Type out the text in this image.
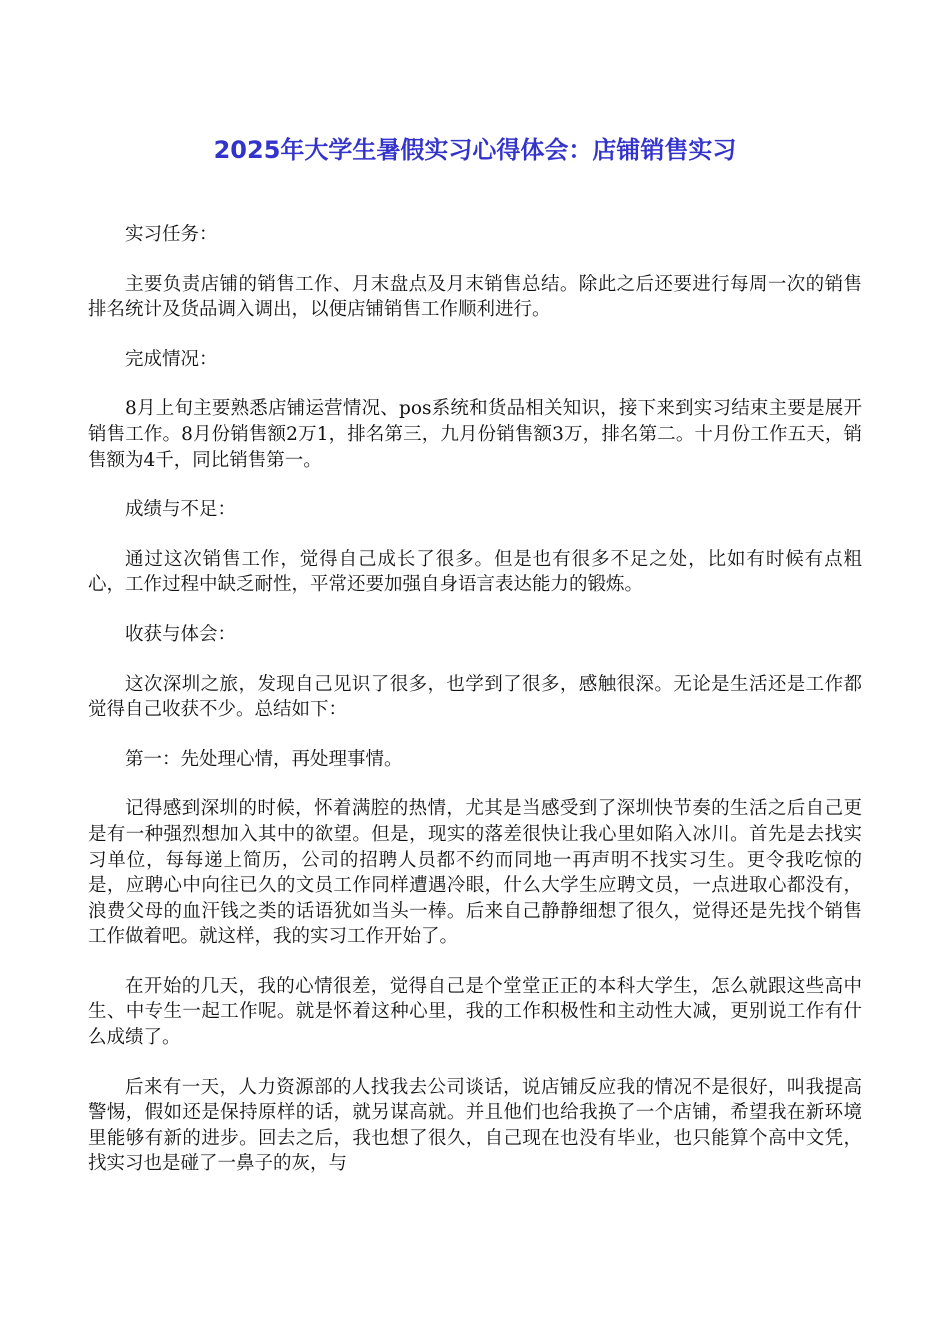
2025年大学生暑假实习心得体会：店铺销售实习

实习任务：

主要负责店铺的销售工作、月末盘点及月末销售总结。除此之后还要进行每周一次的销售排名统计及货品调入调出，以便店铺销售工作顺利进行。

完成情况：

8月上旬主要熟悉店铺运营情况、pos系统和货品相关知识，接下来到实习结束主要是展开销售工作。8月份销售额2万1，排名第三，九月份销售额3万，排名第二。十月份工作五天，销售额为4千，同比销售第一。

成绩与不足：

通过这次销售工作，觉得自己成长了很多。但是也有很多不足之处，比如有时候有点粗心，工作过程中缺乏耐性，平常还要加强自身语言表达能力的锻炼。

收获与体会：

这次深圳之旅，发现自己见识了很多，也学到了很多，感触很深。无论是生活还是工作都觉得自己收获不少。总结如下：

第一：先处理心情，再处理事情。

记得感到深圳的时候，怀着满腔的热情，尤其是当感受到了深圳快节奏的生活之后自己更是有一种强烈想加入其中的欲望。但是，现实的落差很快让我心里如陷入冰川。首先是去找实习单位，每每递上简历，公司的招聘人员都不约而同地一再声明不找实习生。更令我吃惊的是，应聘心中向往已久的文员工作同样遭遇冷眼，什么大学生应聘文员，一点进取心都没有，浪费父母的血汗钱之类的话语犹如当头一棒。后来自己静静细想了很久，觉得还是先找个销售工作做着吧。就这样，我的实习工作开始了。

在开始的几天，我的心情很差，觉得自己是个堂堂正正的本科大学生，怎么就跟这些高中生、中专生一起工作呢。就是怀着这种心里，我的工作积极性和主动性大减，更别说工作有什么成绩了。

后来有一天，人力资源部的人找我去公司谈话，说店铺反应我的情况不是很好，叫我提高警惕，假如还是保持原样的话，就另谋高就。并且他们也给我换了一个店铺，希望我在新环境里能够有新的进步。回去之后，我也想了很久，自己现在也没有毕业，也只能算个高中文凭，找实习也是碰了一鼻子的灰，与
